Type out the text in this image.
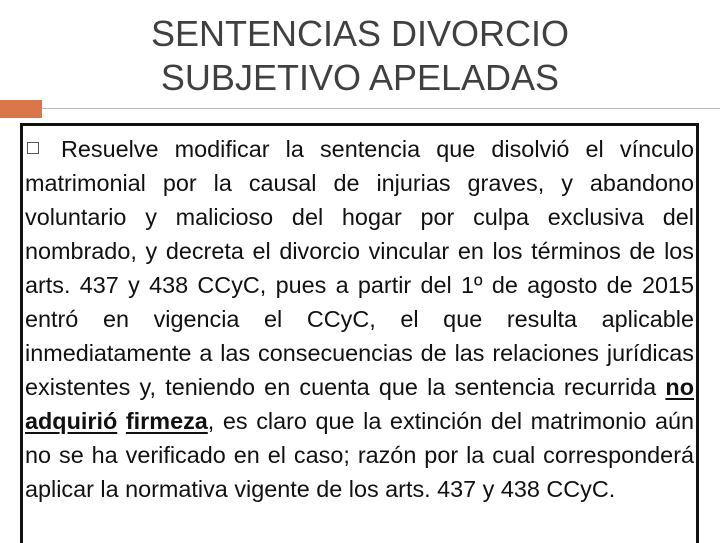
SENTENCIAS DIVORCIO
SUBJETIVO APELADAS

Resuelve modificar la sentencia que disolvió el vínculo matrimonial por la causal de injurias graves, y abandono voluntario y malicioso del hogar por culpa exclusiva del nombrado, y decreta el divorcio vincular en los términos de los arts. 437 y 438 CCyC, pues a partir del 1º de agosto de 2015 entró en vigencia el CCyC, el que resulta aplicable inmediatamente a las consecuencias de las relaciones jurídicas existentes y, teniendo en cuenta que la sentencia recurrida no adquirió firmeza, es claro que la extinción del matrimonio aún no se ha verificado en el caso; razón por la cual corresponderá aplicar la normativa vigente de los arts. 437 y 438 CCyC.
